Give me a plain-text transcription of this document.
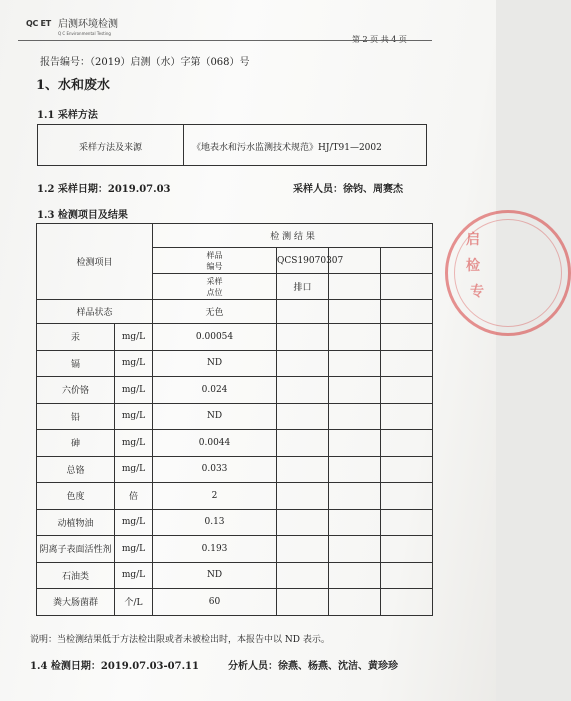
QC ET 启测环境检测
Q C Environmental Testing
第 2 页 共 4 页
报告编号：（2019）启测（水）字第（068）号
1、水和废水
1.1 采样方法
采样方法及来源	《地表水和污水监测技术规范》HJ/T91—2002
1.2 采样日期：2019.07.03	采样人员：徐钧、周赛杰
1.3 检测项目及结果
检测项目		检 测 结 果				
		样品编号	QCS19070307			
		采样点位	排口			
样品状态		无色				
汞	mg/L	0.00054				
镉	mg/L	ND				
六价铬	mg/L	0.024				
铅	mg/L	ND				
砷	mg/L	0.0044				
总铬	mg/L	0.033				
色度	倍	2				
动植物油	mg/L	0.13				
阴离子表面活性剂	mg/L	0.193				
石油类	mg/L	ND				
粪大肠菌群	个/L	60				
说明：当检测结果低于方法检出限或者未被检出时，本报告中以 ND 表示。
1.4 检测日期：2019.07.03-07.11	分析人员：徐燕、杨燕、沈洁、黄珍珍
启
检
专
